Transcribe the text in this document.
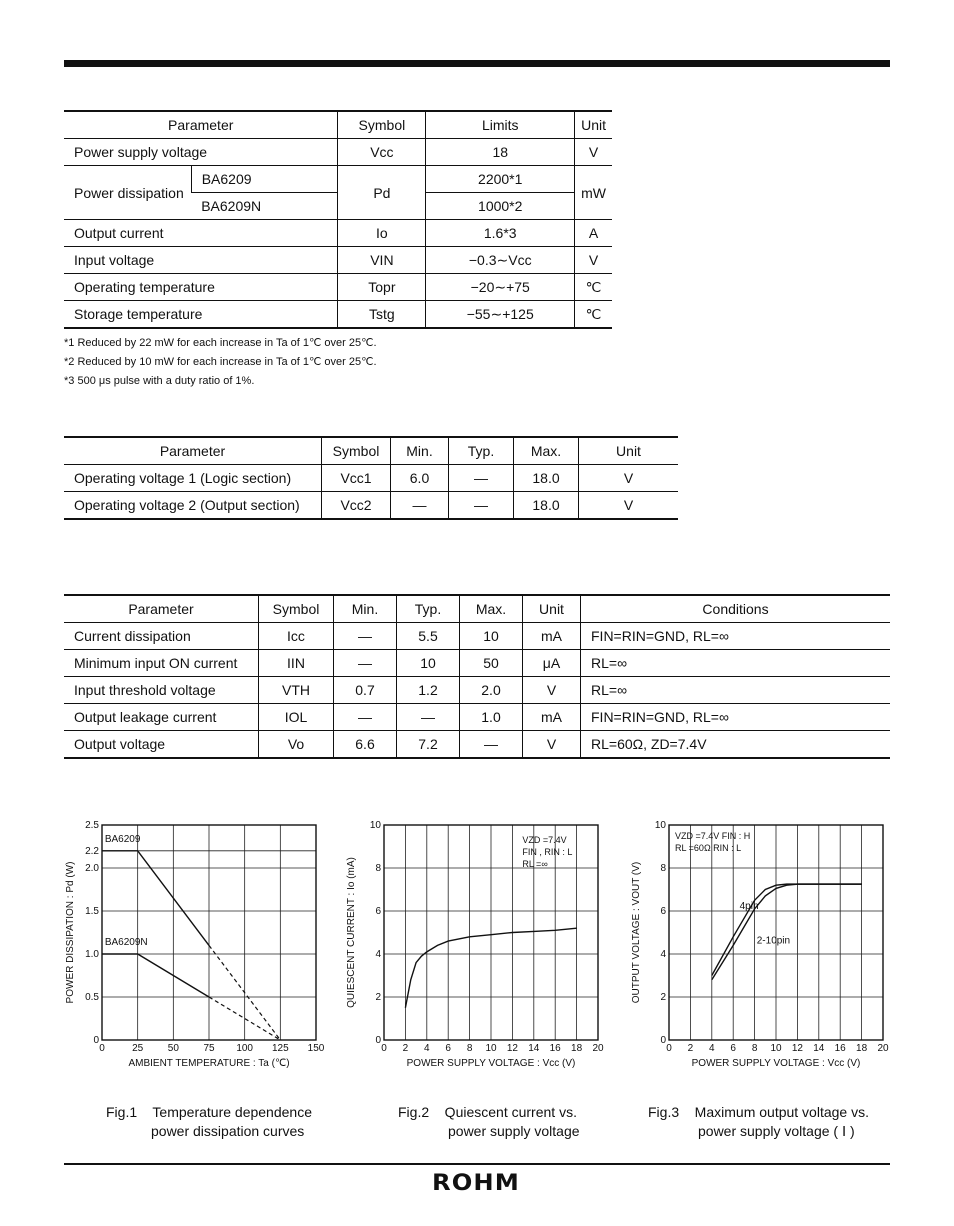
Parameter		Symbol	Limits	Unit
Power supply voltage		Vcc	18	V
Power dissipation	BA6209	Pd	2200*1	mW
	BA6209N		1000*2	
Output current		Io	1.6*3	A
Input voltage		VIN	−0.3∼Vcc	V
Operating temperature		Topr	−20∼+75	℃
Storage temperature		Tstg	−55∼+125	℃
*1 Reduced by 22 mW for each increase in Ta of 1℃ over 25℃.
*2 Reduced by 10 mW for each increase in Ta of 1℃ over 25℃.
*3 500 μs pulse with a duty ratio of 1%.
Parameter	Symbol	Min.	Typ.	Max.	Unit
Operating voltage 1 (Logic section)	Vcc1	6.0	—	18.0	V
Operating voltage 2 (Output section)	Vcc2	—	—	18.0	V
Parameter	Symbol	Min.	Typ.	Max.	Unit	Conditions
Current dissipation	Icc	—	5.5	10	mA	FIN=RIN=GND, RL=∞
Minimum input ON current	IIN	—	10	50	μA	RL=∞
Input threshold voltage	VTH	0.7	1.2	2.0	V	RL=∞
Output leakage current	IOL	—	—	1.0	mA	FIN=RIN=GND, RL=∞
Output voltage	Vo	6.6	7.2	—	V	RL=60Ω, ZD=7.4V
0	25 50 75 100 125 150
0
0.5
1.0
1.5
2.0
2.2
2.5
AMBIENT TEMPERATURE : Ta (℃)
POWER DISSIPATION : Pd (W)
BA6209
BA6209N
0 2 4 6 8 10 12 14 16 18 20
0
2
4
6
8
10
POWER SUPPLY VOLTAGE : Vcc (V)
QUIESCENT CURRENT : Io (mA)
VZD =7.4V
FIN , RIN : L
RL =∞
0 2 4 6 8 10 12 14 16 18 20
0
2
4
6
8
10
POWER SUPPLY VOLTAGE : Vcc (V)
OUTPUT VOLTAGE : VOUT (V)	4pin
2-10pin
VZD =7.4V FIN : H
RL =60Ω RIN : L
Fig.1    Temperature dependence
power dissipation curves
Fig.2    Quiescent current vs.
power supply voltage
Fig.3    Maximum output voltage vs.
power supply voltage ( Ⅰ )
ROHM
